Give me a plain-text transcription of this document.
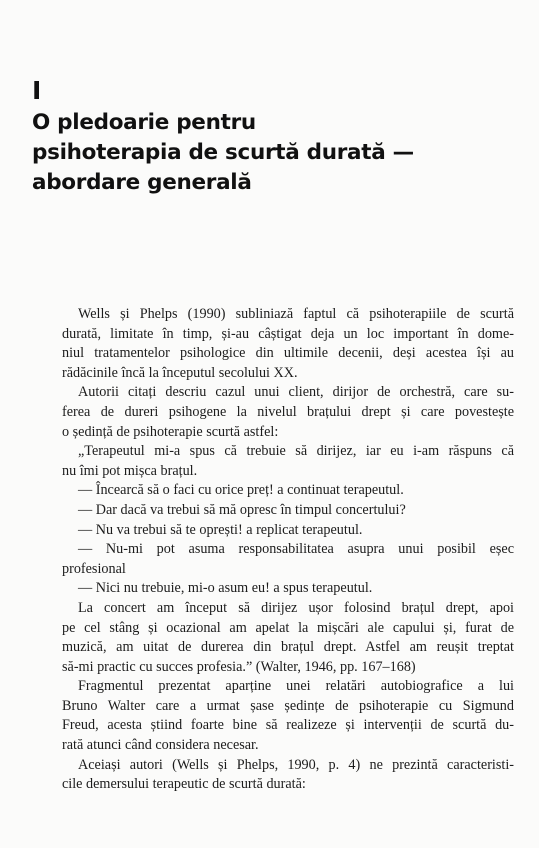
I
O pledoarie pentru
psihoterapia de scurtă durată —
abordare generală

Wells și Phelps (1990) subliniază faptul că psihoterapiile de scurtă
durată, limitate în timp, și-au câștigat deja un loc important în dome-
niul tratamentelor psihologice din ultimile decenii, deși acestea își au
rădăcinile încă la începutul secolului XX.

Autorii citați descriu cazul unui client, dirijor de orchestră, care su-
ferea de dureri psihogene la nivelul brațului drept și care povestește
o ședință de psihoterapie scurtă astfel:

„Terapeutul mi-a spus că trebuie să dirijez, iar eu i-am răspuns că
nu îmi pot mișca brațul.

— Încearcă să o faci cu orice preț! a continuat terapeutul.

— Dar dacă va trebui să mă opresc în timpul concertului?

— Nu va trebui să te oprești! a replicat terapeutul.

— Nu-mi pot asuma responsabilitatea asupra unui posibil eșec
profesional

— Nici nu trebuie, mi-o asum eu! a spus terapeutul.

La concert am început să dirijez ușor folosind brațul drept, apoi
pe cel stâng și ocazional am apelat la mișcări ale capului și, furat de
muzică, am uitat de durerea din brațul drept. Astfel am reușit treptat
să-mi practic cu succes profesia.” (Walter, 1946, pp. 167–168)

Fragmentul prezentat aparține unei relatări autobiografice a lui
Bruno Walter care a urmat șase ședințe de psihoterapie cu Sigmund
Freud, acesta știind foarte bine să realizeze și intervenții de scurtă du-
rată atunci când considera necesar.

Aceiași autori (Wells și Phelps, 1990, p. 4) ne prezintă caracteristi-
cile demersului terapeutic de scurtă durată:
